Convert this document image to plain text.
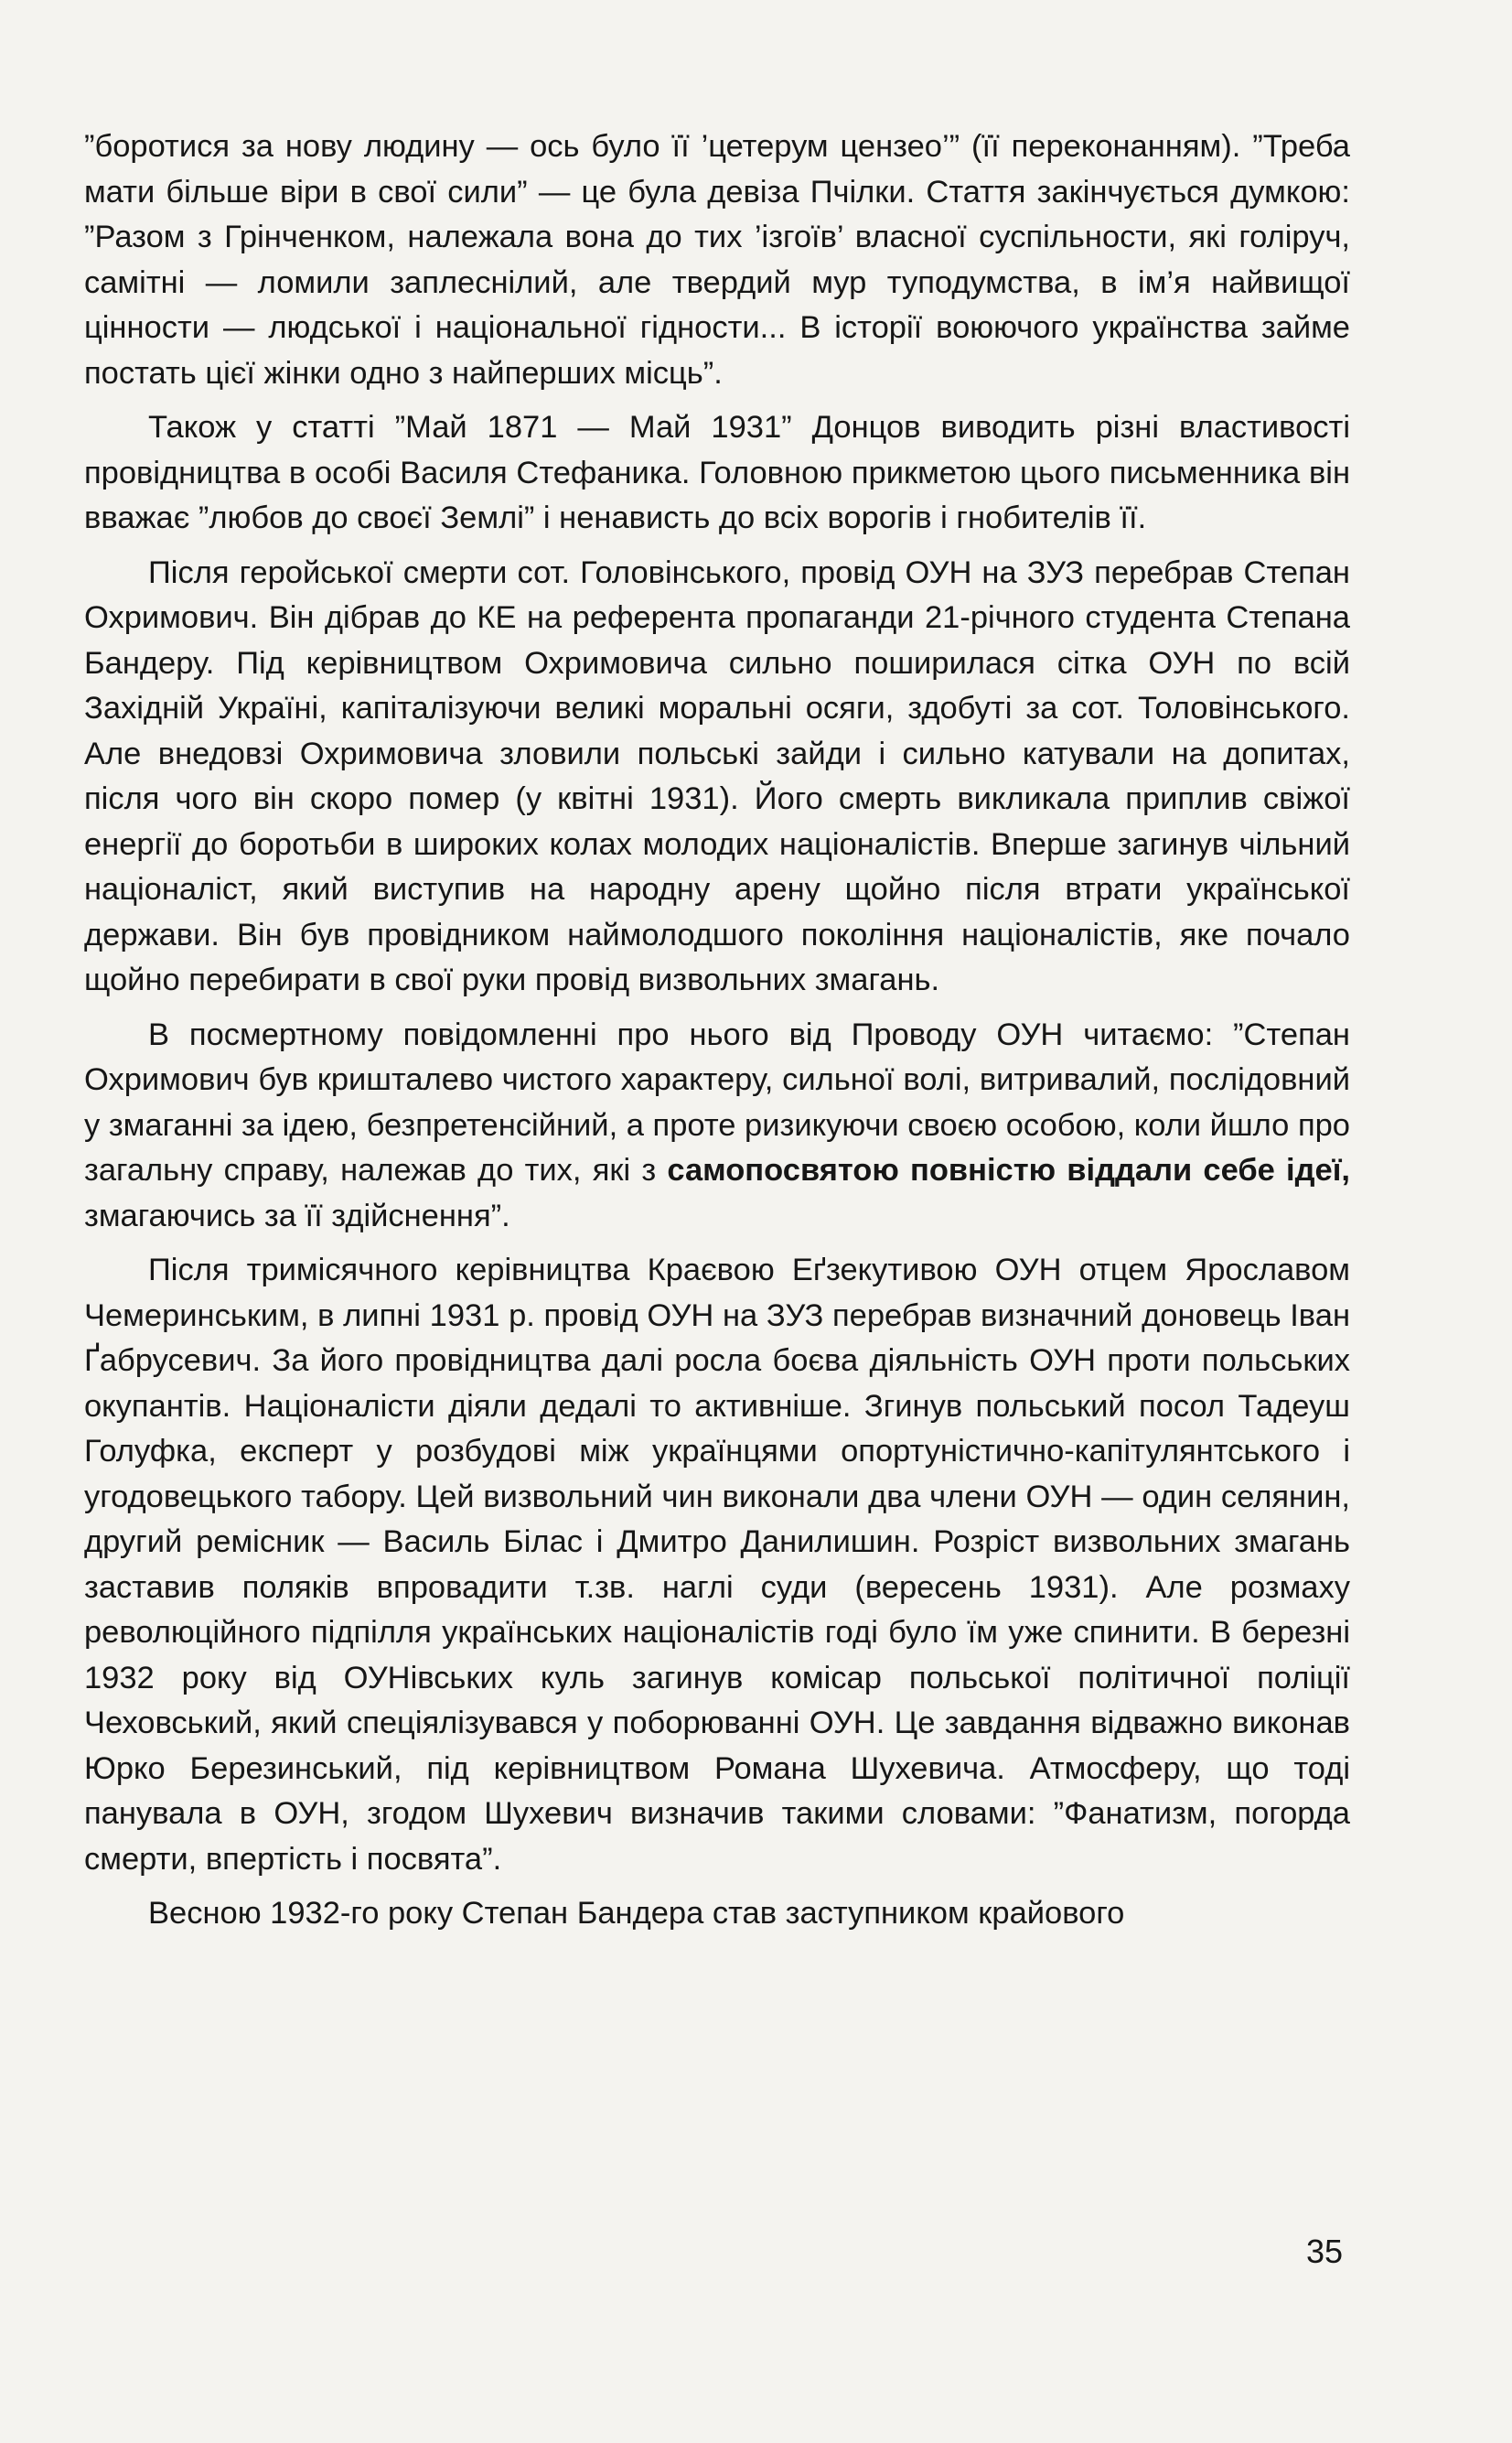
”боротися за нову людину — ось було її ’цетерум цензео’” (її переконанням). ”Треба мати більше віри в свої сили” — це була девіза Пчілки. Стаття закінчується думкою: ”Разом з Грінченком, належала вона до тих ’ізгоїв’ власної суспільности, які голіруч, самітні — ломили заплеснілий, але твердий мур туподумства, в ім’я найвищої цінности — людської і національної гідности... В історії воюючого українства займе постать цієї жінки одно з найперших місць”.

Також у статті ”Май 1871 — Май 1931” Донцов виводить різні властивості провідництва в особі Василя Стефаника. Головною прикметою цього письменника він вважає ”любов до своєї Землі” і ненависть до всіх ворогів і гнобителів її.

Після геройської смерти сот. Головінського, провід ОУН на ЗУЗ перебрав Степан Охримович. Він дібрав до КЕ на референта пропаганди 21-річного студента Степана Бандеру. Під керівництвом Охримовича сильно поширилася сітка ОУН по всій Західній Україні, капіталізуючи великі моральні осяги, здобуті за сот. Толовінського. Але внедовзі Охримовича зловили польські зайди і сильно катували на допитах, після чого він скоро помер (у квітні 1931). Його смерть викликала приплив свіжої енергії до боротьби в широких колах молодих націоналістів. Вперше загинув чільний націоналіст, який виступив на народну арену щойно після втрати української держави. Він був провідником наймолодшого покоління націоналістів, яке почало щойно перебирати в свої руки провід визвольних змагань.

В посмертному повідомленні про нього від Проводу ОУН читаємо: ”Степан Охримович був кришталево чистого характеру, сильної волі, витривалий, послідовний у змаганні за ідею, безпретенсійний, а проте ризикуючи своєю особою, коли йшло про загальну справу, належав до тих, які з самопосвятою повністю віддали себе ідеї, змагаючись за її здійснення”.

Після тримісячного керівництва Краєвою Еґзекутивою ОУН отцем Ярославом Чемеринським, в липні 1931 р. провід ОУН на ЗУЗ перебрав визначний доновець Іван Ґабрусевич. За його провідництва далі росла боєва діяльність ОУН проти польських окупантів. Націоналісти діяли дедалі то активніше. Згинув польський посол Тадеуш Голуфка, експерт у розбудові між українцями опортуністично-капітулянтського і угодовецького табору. Цей визвольний чин виконали два члени ОУН — один селянин, другий ремісник — Василь Білас і Дмитро Данилишин. Розріст визвольних змагань заставив поляків впровадити т.зв. наглі суди (вересень 1931). Але розмаху революційного підпілля українських націоналістів годі було їм уже спинити. В березні 1932 року від ОУНівських куль загинув комісар польської політичної поліції Чеховський, який спеціялізувався у поборюванні ОУН. Це завдання відважно виконав Юрко Березинський, під керівництвом Романа Шухевича. Атмосферу, що тоді панувала в ОУН, згодом Шухевич визначив такими словами: ”Фанатизм, погорда смерти, впертість і посвята”.

Весною 1932-го року Степан Бандера став заступником крайового

35
